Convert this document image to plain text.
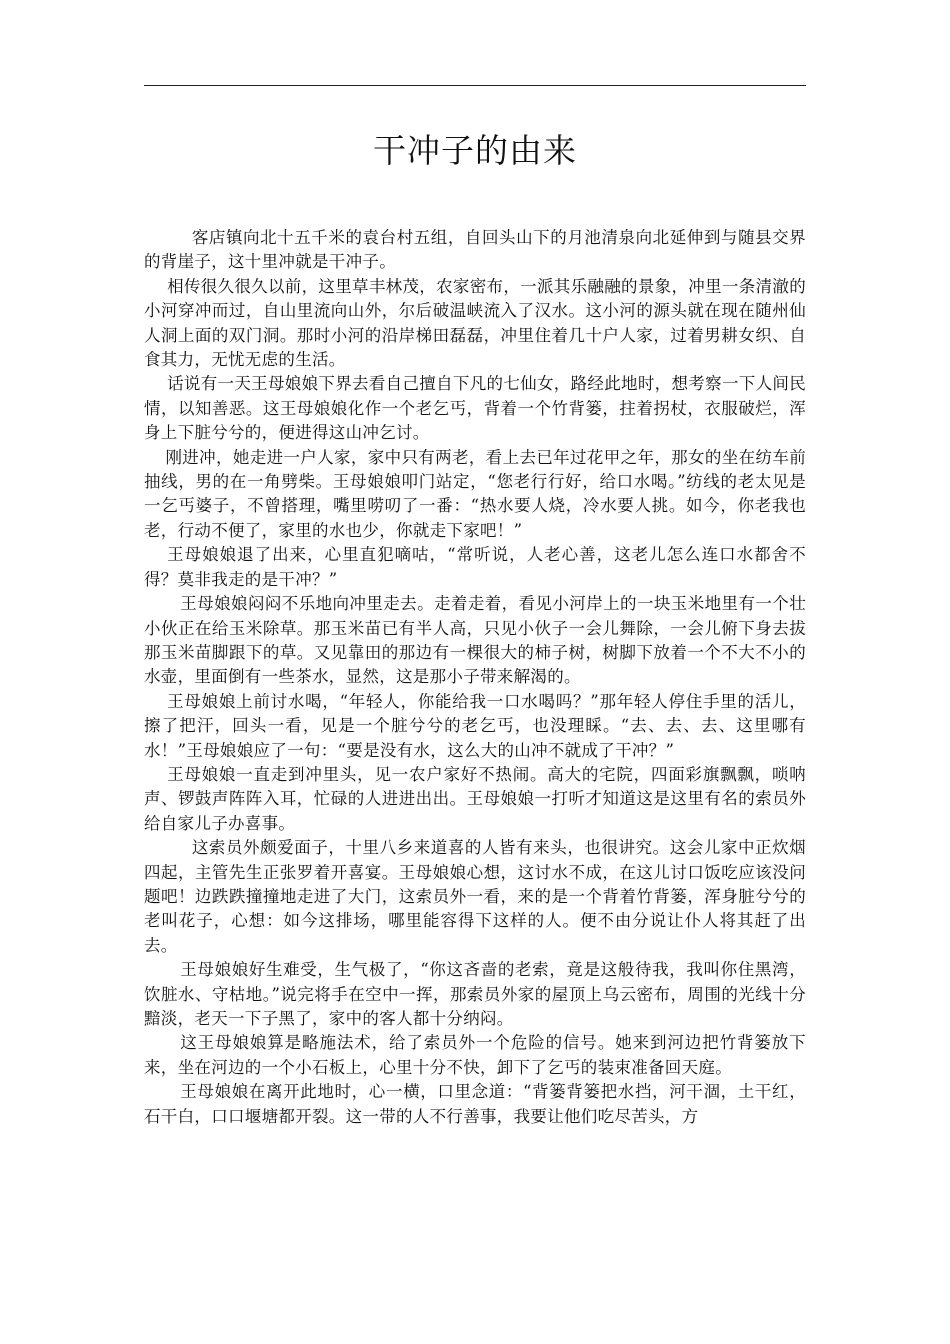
干冲子的由来

客店镇向北十五千米的袁台村五组，自回头山下的月池清泉向北延伸到与随县交界的背崖子，这十里冲就是干冲子。

相传很久很久以前，这里草丰林茂，农家密布，一派其乐融融的景象，冲里一条清澈的小河穿冲而过，自山里流向山外，尔后破温峡流入了汉水。这小河的源头就在现在随州仙人洞上面的双门洞。那时小河的沿岸梯田磊磊，冲里住着几十户人家，过着男耕女织、自食其力，无忧无虑的生活。

话说有一天王母娘娘下界去看自己擅自下凡的七仙女，路经此地时，想考察一下人间民情，以知善恶。这王母娘娘化作一个老乞丐，背着一个竹背篓，拄着拐杖，衣服破烂，浑身上下脏兮兮的，便进得这山冲乞讨。

刚进冲，她走进一户人家，家中只有两老，看上去已年过花甲之年，那女的坐在纺车前抽线，男的在一角劈柴。王母娘娘叩门站定，“您老行行好，给口水喝。”纺线的老太见是一乞丐婆子，不曾搭理，嘴里唠叨了一番：“热水要人烧，冷水要人挑。如今，你老我也老，行动不便了，家里的水也少，你就走下家吧！”

王母娘娘退了出来，心里直犯嘀咕，“常听说，人老心善，这老儿怎么连口水都舍不得？莫非我走的是干冲？”

王母娘娘闷闷不乐地向冲里走去。走着走着，看见小河岸上的一块玉米地里有一个壮小伙正在给玉米除草。那玉米苗已有半人高，只见小伙子一会儿舞除，一会儿俯下身去拔那玉米苗脚跟下的草。又见靠田的那边有一棵很大的柿子树，树脚下放着一个不大不小的水壶，里面倒有一些茶水，显然，这是那小子带来解渴的。

王母娘娘上前讨水喝，“年轻人，你能给我一口水喝吗？”那年轻人停住手里的活儿，擦了把汗，回头一看，见是一个脏兮兮的老乞丐，也没理睬。“去、去、去、这里哪有水！”王母娘娘应了一句：“要是没有水，这么大的山冲不就成了干冲？”

王母娘娘一直走到冲里头，见一农户家好不热闹。高大的宅院，四面彩旗飘飘，唢呐声、锣鼓声阵阵入耳，忙碌的人进进出出。王母娘娘一打听才知道这是这里有名的索员外给自家儿子办喜事。

这索员外颇爱面子，十里八乡来道喜的人皆有来头，也很讲究。这会儿家中正炊烟四起，主管先生正张罗着开喜宴。王母娘娘心想，这讨水不成，在这儿讨口饭吃应该没问题吧！边跌跌撞撞地走进了大门，这索员外一看，来的是一个背着竹背篓，浑身脏兮兮的老叫花子，心想：如今这排场，哪里能容得下这样的人。便不由分说让仆人将其赶了出去。

王母娘娘好生难受，生气极了，“你这吝啬的老索，竟是这般待我，我叫你住黑湾，饮脏水、守枯地。”说完将手在空中一挥，那索员外家的屋顶上乌云密布，周围的光线十分黯淡，老天一下子黑了，家中的客人都十分纳闷。

这王母娘娘算是略施法术，给了索员外一个危险的信号。她来到河边把竹背篓放下来，坐在河边的一个小石板上，心里十分不快，卸下了乞丐的装束准备回天庭。

王母娘娘在离开此地时，心一横，口里念道：“背篓背篓把水挡，河干涸，土干红，石干白，口口堰塘都开裂。这一带的人不行善事，我要让他们吃尽苦头，方
